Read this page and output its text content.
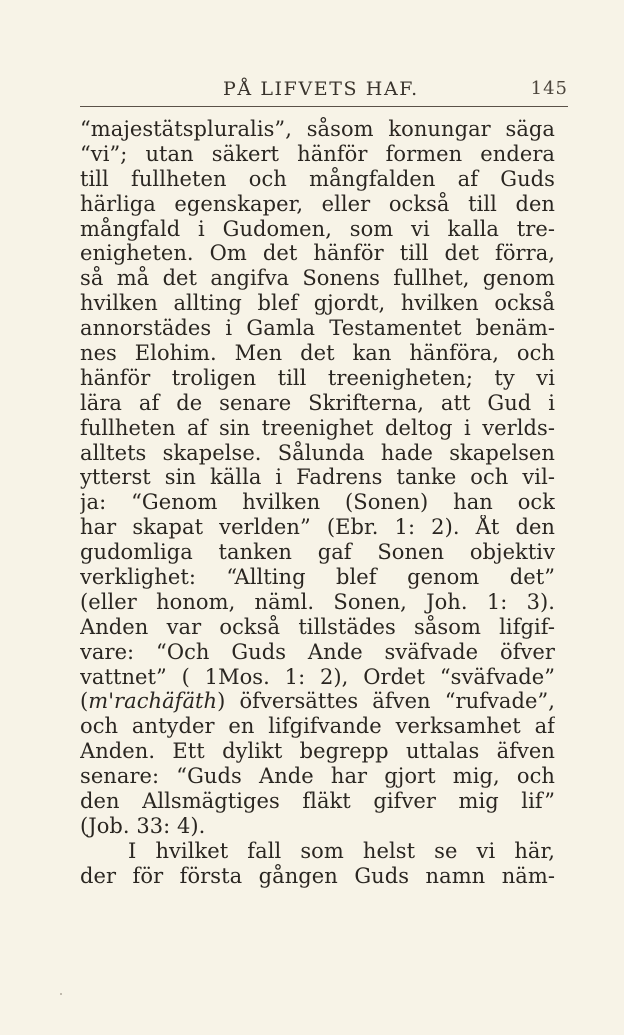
PÅ LIFVETS HAF.	145
“majestätspluralis”, såsom konungar säga
“vi”; utan säkert hänför formen endera
till fullheten och mångfalden af Guds
härliga egenskaper, eller också till den
mångfald i Gudomen, som vi kalla tre-
enigheten. Om det hänför till det förra,
så må det angifva Sonens fullhet, genom
hvilken allting blef gjordt, hvilken också
annorstädes i Gamla Testamentet benäm-
nes Elohim. Men det kan hänföra, och
hänför troligen till treenigheten; ty vi
lära af de senare Skrifterna, att Gud i
fullheten af sin treenighet deltog i verlds-
alltets skapelse. Sålunda hade skapelsen
ytterst sin källa i Fadrens tanke och vil-
ja: “Genom hvilken (Sonen) han ock
har skapat verlden” (Ebr. 1: 2). Åt den
gudomliga tanken gaf Sonen objektiv
verklighet: “Allting blef genom det”
(eller honom, näml. Sonen, Joh. 1: 3).
Anden var också tillstädes såsom lifgif-
vare: “Och Guds Ande sväfvade öfver
vattnet” ( 1Mos. 1: 2), Ordet “sväfvade”
(m'rachäfäth) öfversättes äfven “rufvade”,
och antyder en lifgifvande verksamhet af
Anden. Ett dylikt begrepp uttalas äfven
senare: “Guds Ande har gjort mig, och
den Allsmägtiges fläkt gifver mig lif”
(Job. 33: 4).
I hvilket fall som helst se vi här,
der för första gången Guds namn näm-
